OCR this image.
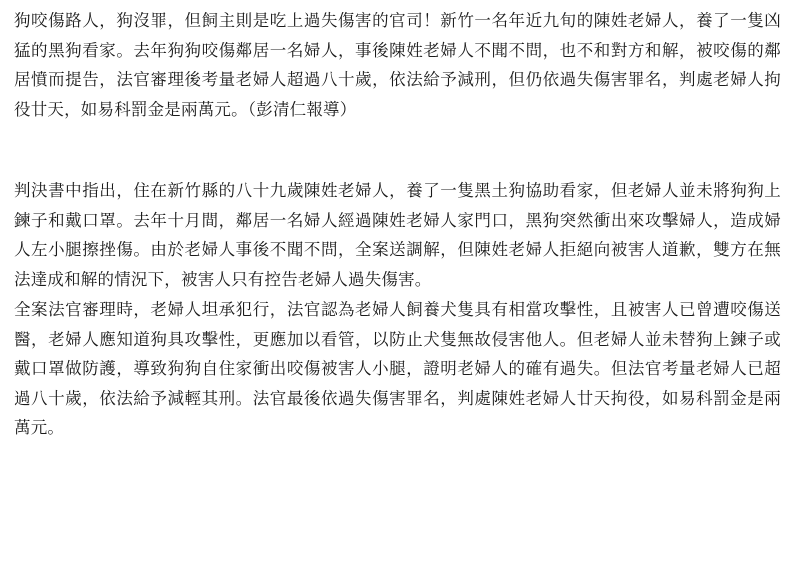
狗咬傷路人，狗沒罪，但飼主則是吃上過失傷害的官司！新竹一名年近九旬的陳姓老婦人，養了一隻凶猛的黑狗看家。去年狗狗咬傷鄰居一名婦人，事後陳姓老婦人不聞不問，也不和對方和解，被咬傷的鄰居憤而提告，法官審理後考量老婦人超過八十歲，依法給予減刑，但仍依過失傷害罪名，判處老婦人拘役廿天，如易科罰金是兩萬元。（彭清仁報導）

判決書中指出，住在新竹縣的八十九歲陳姓老婦人，養了一隻黑土狗協助看家，但老婦人並未將狗狗上鍊子和戴口罩。去年十月間，鄰居一名婦人經過陳姓老婦人家門口，黑狗突然衝出來攻擊婦人，造成婦人左小腿擦挫傷。由於老婦人事後不聞不問，全案送調解，但陳姓老婦人拒絕向被害人道歉，雙方在無法達成和解的情況下，被害人只有控告老婦人過失傷害。

全案法官審理時，老婦人坦承犯行，法官認為老婦人飼養犬隻具有相當攻擊性，且被害人已曾遭咬傷送醫，老婦人應知道狗具攻擊性，更應加以看管，以防止犬隻無故侵害他人。但老婦人並未替狗上鍊子或戴口罩做防護，導致狗狗自住家衝出咬傷被害人小腿，證明老婦人的確有過失。但法官考量老婦人已超過八十歲，依法給予減輕其刑。法官最後依過失傷害罪名，判處陳姓老婦人廿天拘役，如易科罰金是兩萬元。
